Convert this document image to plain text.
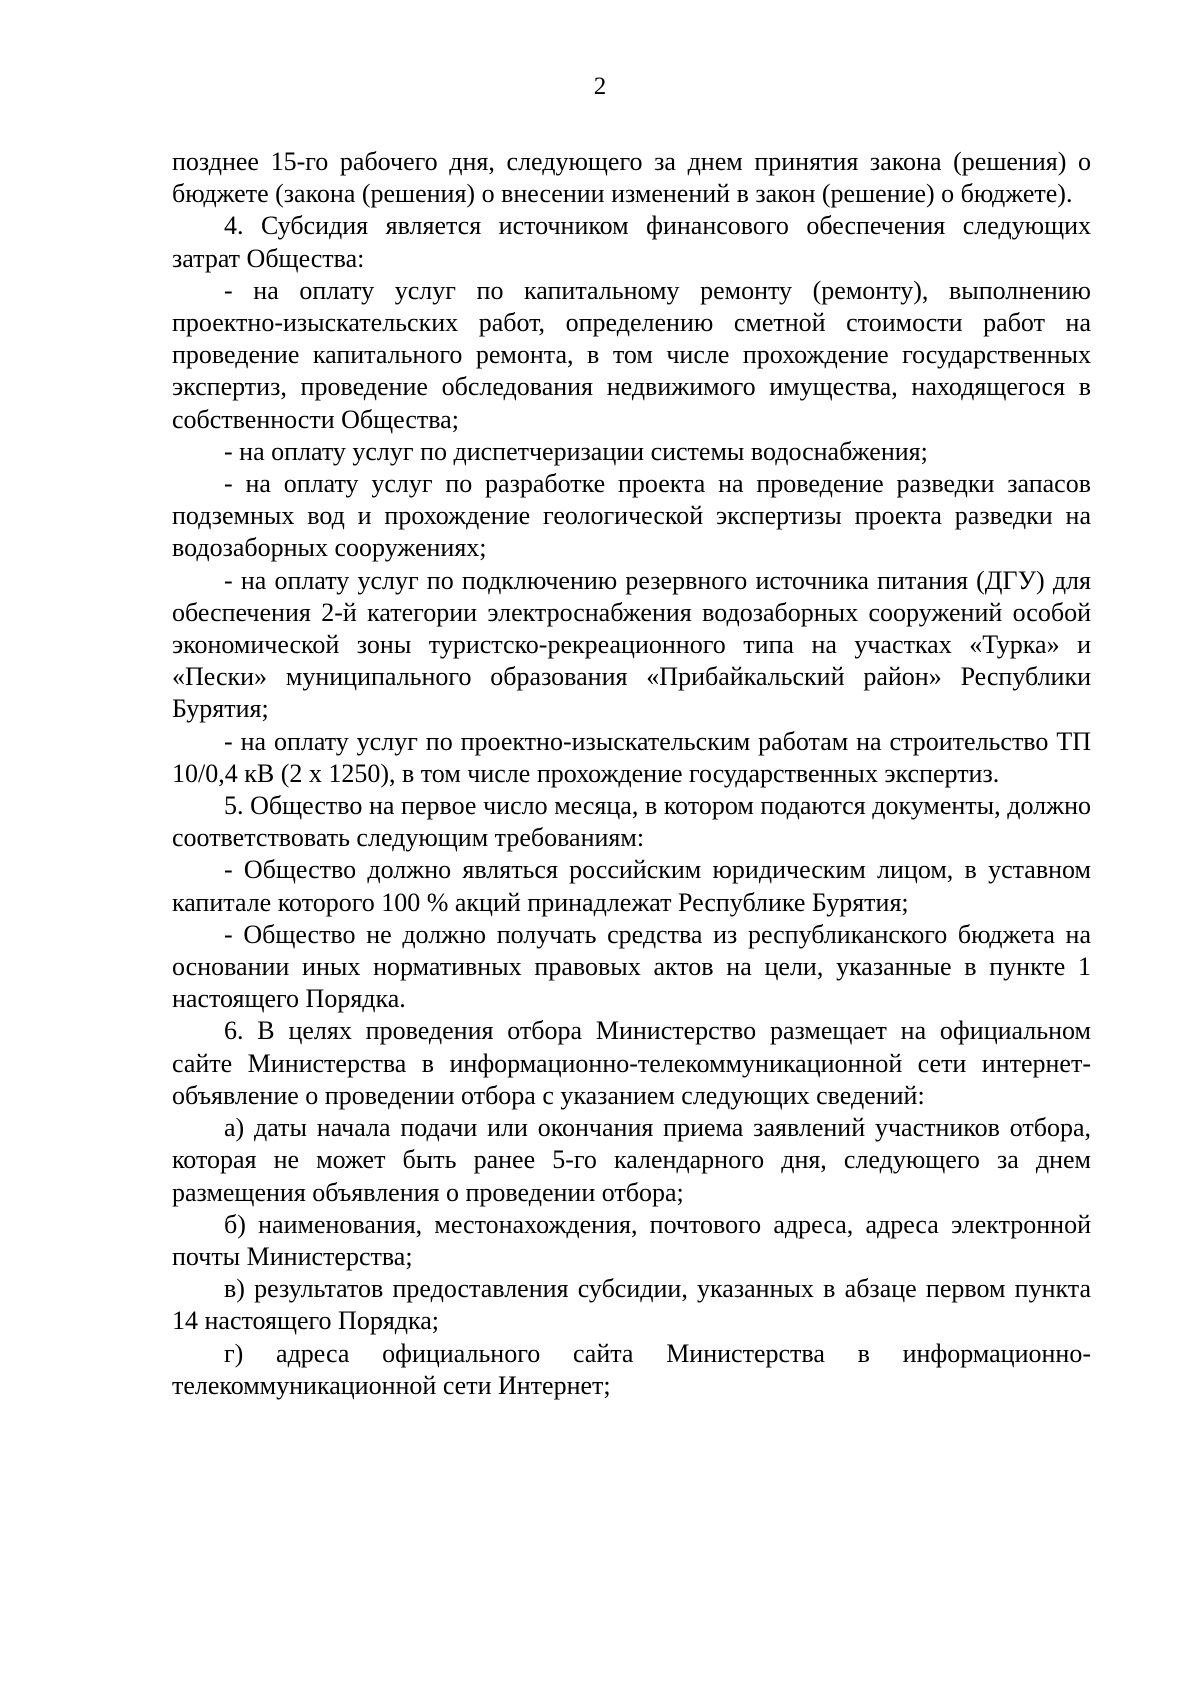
2

позднее 15-го рабочего дня, следующего за днем принятия закона (решения) о бюджете (закона (решения) о внесении изменений в закон (решение) о бюджете).

4. Субсидия является источником финансового обеспечения следующих затрат Общества:

- на оплату услуг по капитальному ремонту (ремонту), выполнению проектно-изыскательских работ, определению сметной стоимости работ на проведение капитального ремонта, в том числе прохождение государственных экспертиз, проведение обследования недвижимого имущества, находящегося в собственности Общества;

- на оплату услуг по диспетчеризации системы водоснабжения;

- на оплату услуг по разработке проекта на проведение разведки запасов подземных вод и прохождение геологической экспертизы проекта разведки на водозаборных сооружениях;

- на оплату услуг по подключению резервного источника питания (ДГУ) для обеспечения 2-й категории электроснабжения водозаборных сооружений особой экономической зоны туристско-рекреационного типа на участках «Турка» и «Пески» муниципального образования «Прибайкальский район» Республики Бурятия;

- на оплату услуг по проектно-изыскательским работам на строительство ТП 10/0,4 кВ (2 х 1250), в том числе прохождение государственных экспертиз.

5. Общество на первое число месяца, в котором подаются документы, должно соответствовать следующим требованиям:

- Общество должно являться российским юридическим лицом, в уставном капитале которого 100 % акций принадлежат Республике Бурятия;

- Общество не должно получать средства из республиканского бюджета на основании иных нормативных правовых актов на цели, указанные в пункте 1 настоящего Порядка.

6. В целях проведения отбора Министерство размещает на официальном сайте Министерства в информационно-телекоммуникационной сети интернет-объявление о проведении отбора с указанием следующих сведений:

а) даты начала подачи или окончания приема заявлений участников отбора, которая не может быть ранее 5-го календарного дня, следующего за днем размещения объявления о проведении отбора;

б) наименования, местонахождения, почтового адреса, адреса электронной почты Министерства;

в) результатов предоставления субсидии, указанных в абзаце первом пункта 14 настоящего Порядка;

г) адреса официального сайта Министерства в информационно-телекоммуникационной сети Интернет;
